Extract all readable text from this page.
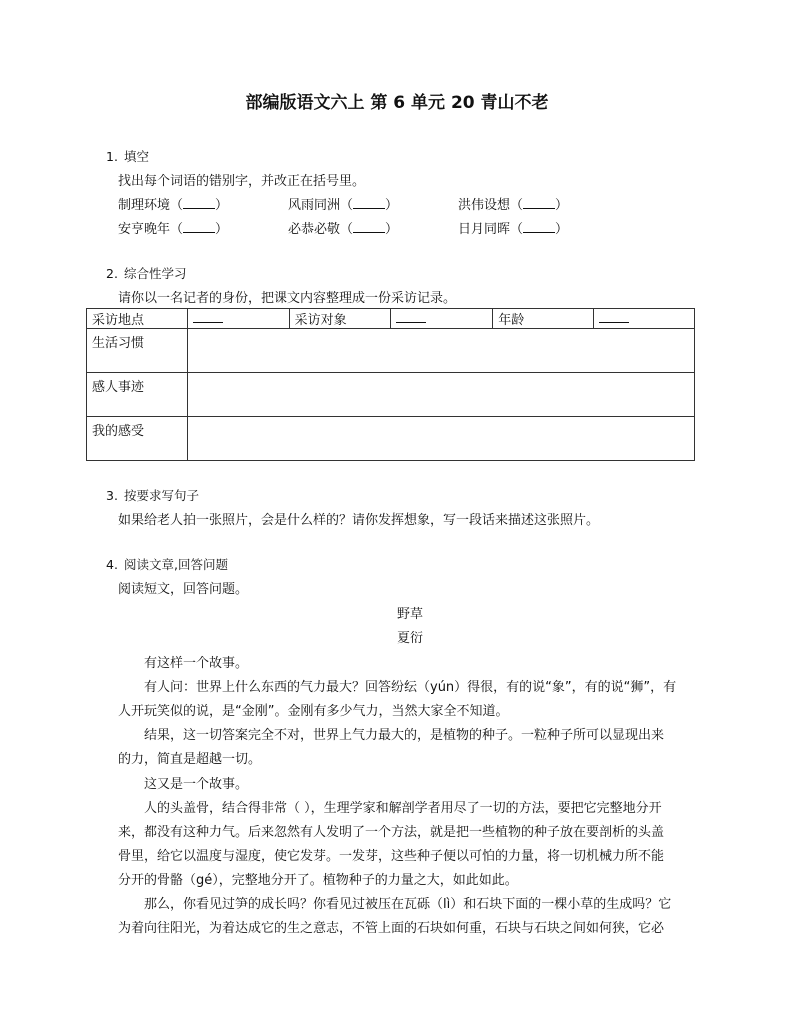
部编版语文六上 第 6 单元 20 青山不老
1. 填空
找出每个词语的错别字，并改正在括号里。
制理环境（ ）	风雨同洲（ ）	洪伟设想（ ）
安亨晚年（ ）	必恭必敬（ ）	日月同晖（ ）
2. 综合性学习
请你以一名记者的身份，把课文内容整理成一份采访记录。
采访地点		采访对象		年龄	
生活习惯					
感人事迹					
我的感受					
3. 按要求写句子
如果给老人拍一张照片，会是什么样的？请你发挥想象，写一段话来描述这张照片。
4. 阅读文章,回答问题
阅读短文，回答问题。
野草
夏衍
有这样一个故事。
有人问：世界上什么东西的气力最大？回答纷纭（yún）得很，有的说“象”，有的说“狮”，有
人开玩笑似的说，是“金刚”。金刚有多少气力，当然大家全不知道。
结果，这一切答案完全不对，世界上气力最大的，是植物的种子。一粒种子所可以显现出来
的力，简直是超越一切。
这又是一个故事。
人的头盖骨，结合得非常（ ），生理学家和解剖学者用尽了一切的方法，要把它完整地分开
来，都没有这种力气。后来忽然有人发明了一个方法，就是把一些植物的种子放在要剖析的头盖
骨里，给它以温度与湿度，使它发芽。一发芽，这些种子便以可怕的力量，将一切机械力所不能
分开的骨骼（gé），完整地分开了。植物种子的力量之大，如此如此。
那么，你看见过笋的成长吗？你看见过被压在瓦砾（lì）和石块下面的一棵小草的生成吗？它
为着向往阳光，为着达成它的生之意志，不管上面的石块如何重，石块与石块之间如何狭，它必
